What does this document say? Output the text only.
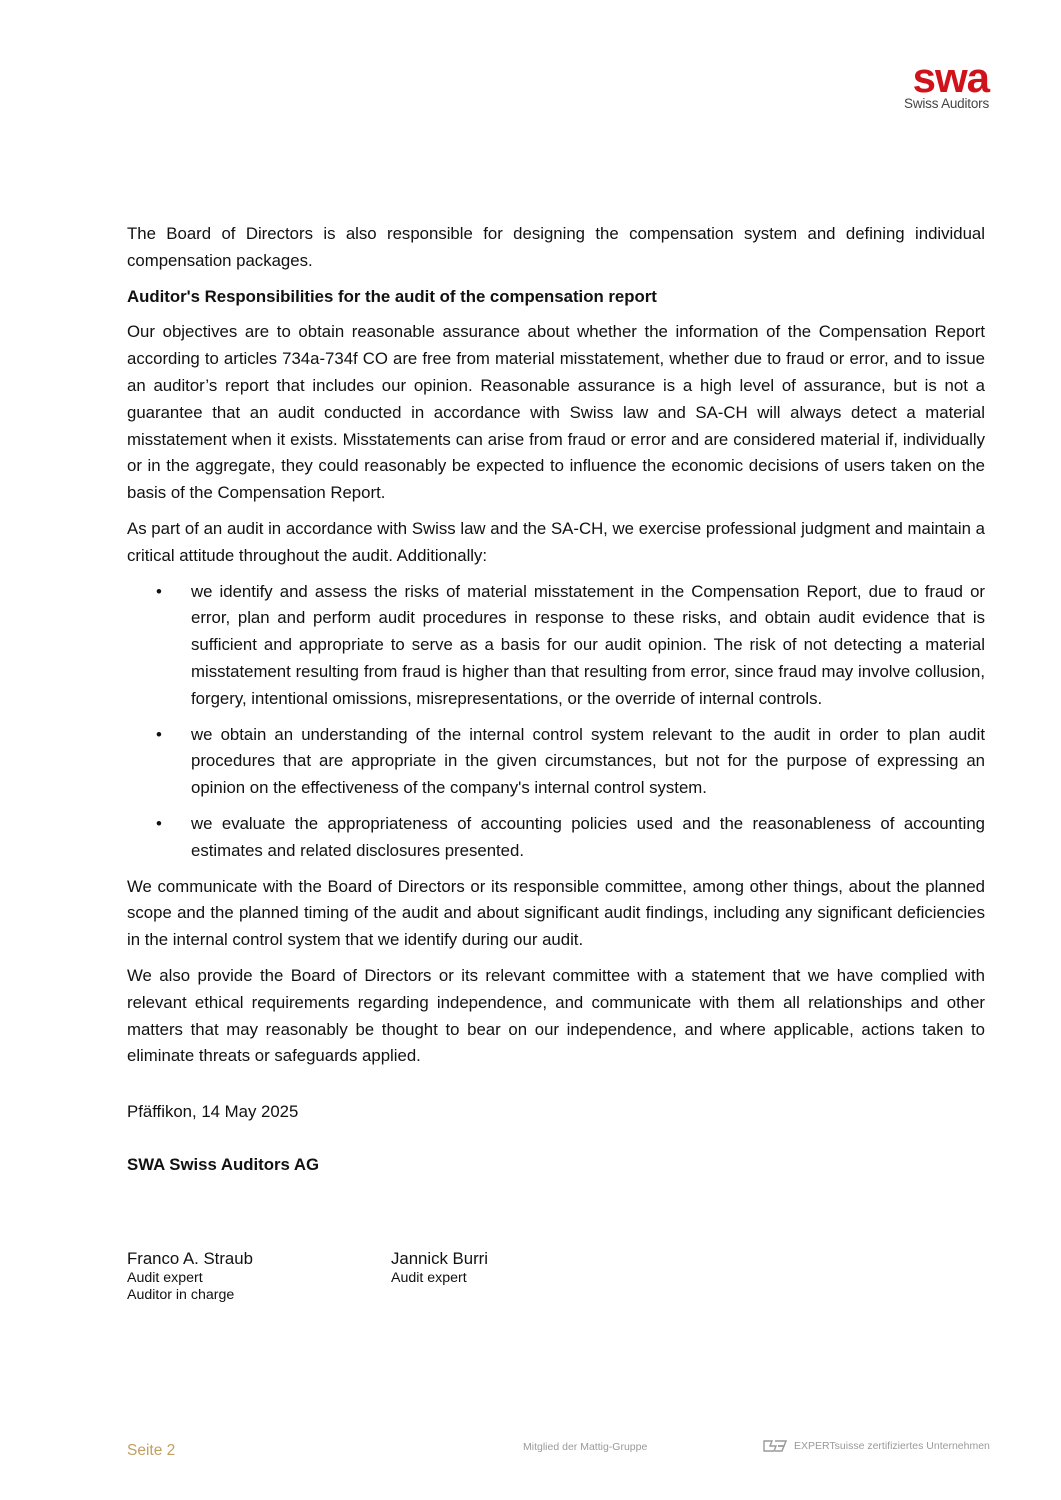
swa
Swiss Auditors

The Board of Directors is also responsible for designing the compensation system and defining individual compensation packages.

Auditor's Responsibilities for the audit of the compensation report

Our objectives are to obtain reasonable assurance about whether the information of the Compensation Report according to articles 734a-734f CO are free from material misstatement, whether due to fraud or error, and to issue an auditor’s report that includes our opinion. Reasonable assurance is a high level of assurance, but is not a guarantee that an audit conducted in accordance with Swiss law and SA-CH will always detect a material misstatement when it exists. Misstatements can arise from fraud or error and are considered material if, individually or in the aggregate, they could reasonably be expected to influence the economic decisions of users taken on the basis of the Compensation Report.

As part of an audit in accordance with Swiss law and the SA-CH, we exercise professional judgment and maintain a critical attitude throughout the audit. Additionally:

• we identify and assess the risks of material misstatement in the Compensation Report, due to fraud or error, plan and perform audit procedures in response to these risks, and obtain audit evidence that is sufficient and appropriate to serve as a basis for our audit opinion. The risk of not detecting a material misstatement resulting from fraud is higher than that resulting from error, since fraud may involve collusion, forgery, intentional omissions, misrepresentations, or the override of internal controls.
• we obtain an understanding of the internal control system relevant to the audit in order to plan audit procedures that are appropriate in the given circumstances, but not for the purpose of expressing an opinion on the effectiveness of the company's internal control system.
• we evaluate the appropriateness of accounting policies used and the reasonableness of accounting estimates and related disclosures presented.

We communicate with the Board of Directors or its responsible committee, among other things, about the planned scope and the planned timing of the audit and about significant audit findings, including any significant deficiencies in the internal control system that we identify during our audit.

We also provide the Board of Directors or its relevant committee with a statement that we have complied with relevant ethical requirements regarding independence, and communicate with them all relationships and other matters that may reasonably be thought to bear on our independence, and where applicable, actions taken to eliminate threats or safeguards applied.

Pfäffikon, 14 May 2025
SWA Swiss Auditors AG
Franco A. Straub
Audit expert
Auditor in charge
Jannick Burri
Audit expert
Seite 2	Mitglied der Mattig-Gruppe	EXPERTsuisse zertifiziertes Unternehmen
